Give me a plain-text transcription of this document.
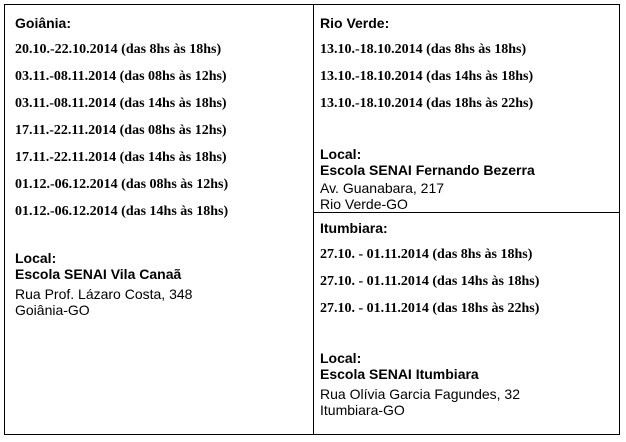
Goiânia:
20.10.-22.10.2014 (das 8hs às 18hs)
03.11.-08.11.2014 (das 08hs às 12hs)
03.11.-08.11.2014 (das 14hs às 18hs)
17.11.-22.11.2014 (das 08hs às 12hs)
17.11.-22.11.2014 (das 14hs às 18hs)
01.12.-06.12.2014 (das 08hs às 12hs)
01.12.-06.12.2014 (das 14hs às 18hs)
Local:
Escola SENAI Vila Canaã
Rua Prof. Lázaro Costa, 348
Goiânia-GO
Rio Verde:
13.10.-18.10.2014 (das 8hs às 18hs)
13.10.-18.10.2014 (das 14hs às 18hs)
13.10.-18.10.2014 (das 18hs às 22hs)
Local:
Escola SENAI Fernando Bezerra
Av. Guanabara, 217
Rio Verde-GO
Itumbiara:
27.10. - 01.11.2014 (das 8hs às 18hs)
27.10. - 01.11.2014 (das 14hs às 18hs)
27.10. - 01.11.2014 (das 18hs às 22hs)
Local:
Escola SENAI Itumbiara
Rua Olívia Garcia Fagundes, 32
Itumbiara-GO
